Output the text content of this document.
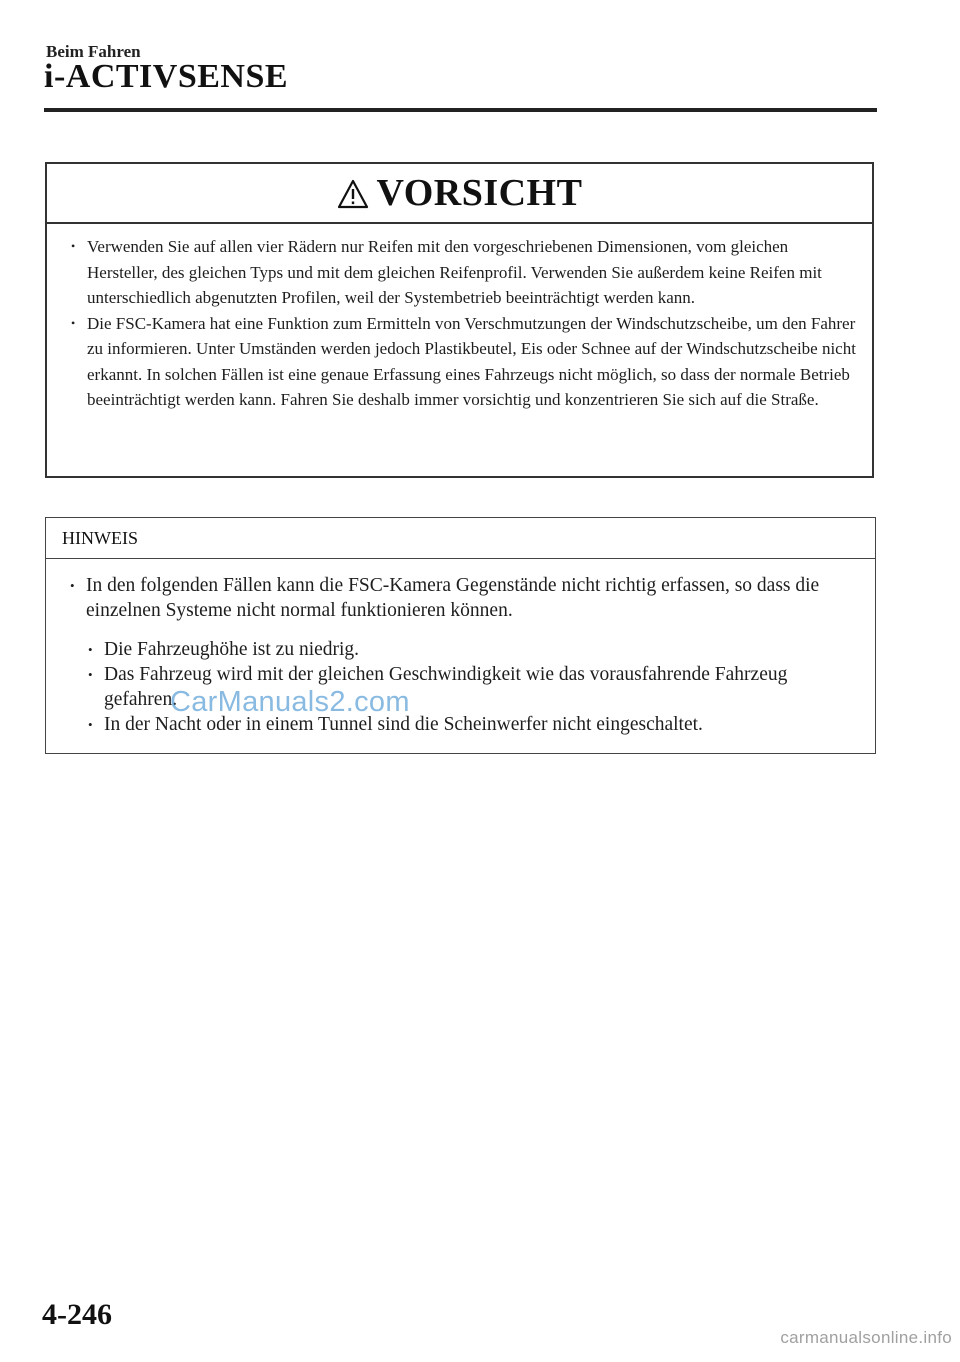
Beim Fahren
i-ACTIVSENSE
VORSICHT
• Verwenden Sie auf allen vier Rädern nur Reifen mit den vorgeschriebenen Dimensionen, vom gleichen Hersteller, des gleichen Typs und mit dem gleichen Reifenprofil. Verwenden Sie außerdem keine Reifen mit unterschiedlich abgenutzten Profilen, weil der Systembetrieb beeinträchtigt werden kann.
• Die FSC-Kamera hat eine Funktion zum Ermitteln von Verschmutzungen der Windschutzscheibe, um den Fahrer zu informieren. Unter Umständen werden jedoch Plastikbeutel, Eis oder Schnee auf der Windschutzscheibe nicht erkannt. In solchen Fällen ist eine genaue Erfassung eines Fahrzeugs nicht möglich, so dass der normale Betrieb beeinträchtigt werden kann. Fahren Sie deshalb immer vorsichtig und konzentrieren Sie sich auf die Straße.
HINWEIS
• In den folgenden Fällen kann die FSC-Kamera Gegenstände nicht richtig erfassen, so dass die einzelnen Systeme nicht normal funktionieren können.
• Die Fahrzeughöhe ist zu niedrig.
• Das Fahrzeug wird mit der gleichen Geschwindigkeit wie das vorausfahrende Fahrzeug gefahren.
• In der Nacht oder in einem Tunnel sind die Scheinwerfer nicht eingeschaltet.
CarManuals2.com
4-246
carmanualsonline.info
